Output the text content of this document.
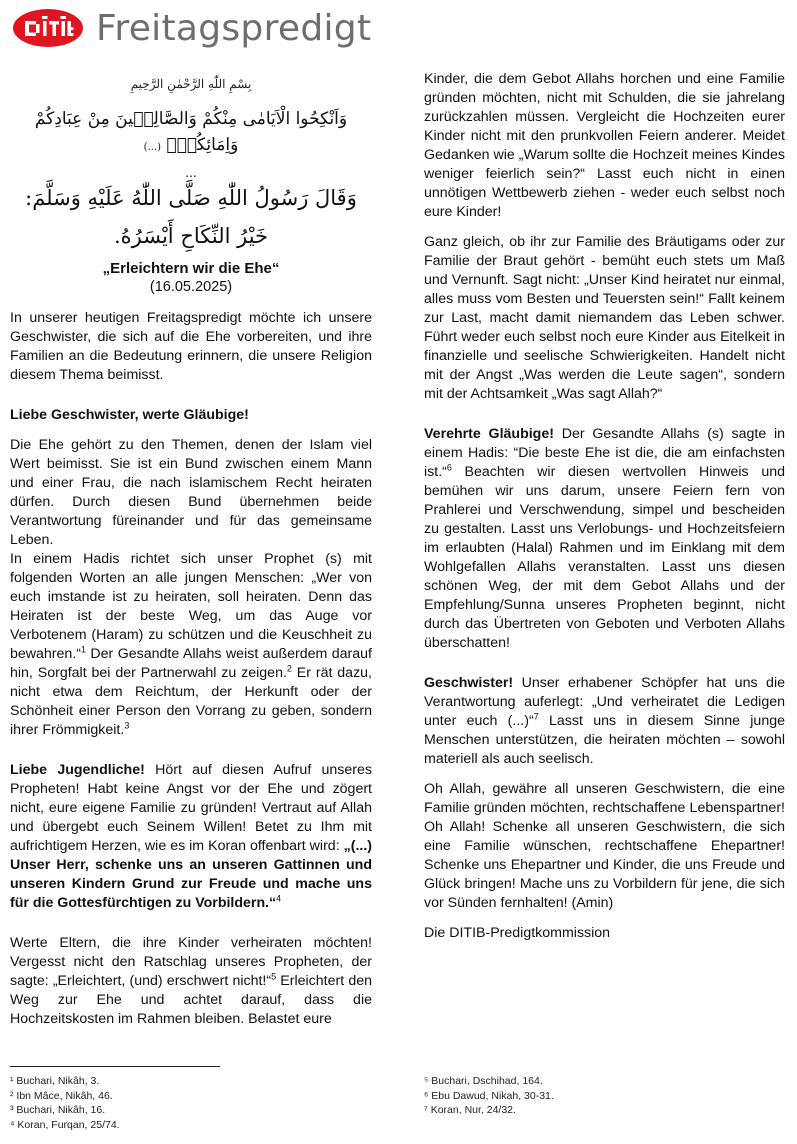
Freitagspredigt
بِسْمِ اللّٰهِ الرَّحْمٰنِ الرَّحِيمِ
وَاَنْكِحُوا الْاَيَامٰى مِنْكُمْ وَالصَّالِح۪ينَ مِنْ عِبَادِكُمْ وَاِمَائِكُمْۜ (...)
...
وَقَالَ رَسُولُ اللّٰهِ صَلَّى اللّٰهُ عَلَيْهِ وَسَلَّمَ:
خَيْرُ النِّكَاحِ أَيْسَرُهُ.
„Erleichtern wir die Ehe“
(16.05.2025)

In unserer heutigen Freitagspredigt möchte ich unsere Geschwister, die sich auf die Ehe vorbereiten, und ihre Familien an die Bedeutung erinnern, die unsere Religion diesem Thema beimisst.

Liebe Geschwister, werte Gläubige!

Die Ehe gehört zu den Themen, denen der Islam viel Wert beimisst. Sie ist ein Bund zwischen einem Mann und einer Frau, die nach islamischem Recht heiraten dürfen. Durch diesen Bund übernehmen beide Verantwortung füreinander und für das gemeinsame Leben.

In einem Hadis richtet sich unser Prophet (s) mit folgenden Worten an alle jungen Menschen: „Wer von euch imstande ist zu heiraten, soll heiraten. Denn das Heiraten ist der beste Weg, um das Auge vor Verbotenem (Haram) zu schützen und die Keuschheit zu bewahren.“$^1$ Der Gesandte Allahs weist außerdem darauf hin, Sorgfalt bei der Partnerwahl zu zeigen.$^2$ Er rät dazu, nicht etwa dem Reichtum, der Herkunft oder der Schönheit einer Person den Vorrang zu geben, sondern ihrer Frömmigkeit.$^3$

Liebe Jugendliche! Hört auf diesen Aufruf unseres Propheten! Habt keine Angst vor der Ehe und zögert nicht, eure eigene Familie zu gründen! Vertraut auf Allah und übergebt euch Seinem Willen! Betet zu Ihm mit aufrichtigem Herzen, wie es im Koran offenbart wird: „(...) Unser Herr, schenke uns an unseren Gattinnen und unseren Kindern Grund zur Freude und mache uns für die Gottesfürchtigen zu Vorbildern.“$^4$

Werte Eltern, die ihre Kinder verheiraten möchten! Vergesst nicht den Ratschlag unseres Propheten, der sagte: „Erleichtert, (und) erschwert nicht!“$^5$ Erleichtert den Weg zur Ehe und achtet darauf, dass die Hochzeitskosten im Rahmen bleiben. Belastet eure

Kinder, die dem Gebot Allahs horchen und eine Familie gründen möchten, nicht mit Schulden, die sie jahrelang zurückzahlen müssen. Vergleicht die Hochzeiten eurer Kinder nicht mit den prunkvollen Feiern anderer. Meidet Gedanken wie „Warum sollte die Hochzeit meines Kindes weniger feierlich sein?“ Lasst euch nicht in einen unnötigen Wettbewerb ziehen - weder euch selbst noch eure Kinder!

Ganz gleich, ob ihr zur Familie des Bräutigams oder zur Familie der Braut gehört - bemüht euch stets um Maß und Vernunft. Sagt nicht: „Unser Kind heiratet nur einmal, alles muss vom Besten und Teuersten sein!“ Fallt keinem zur Last, macht damit niemandem das Leben schwer. Führt weder euch selbst noch eure Kinder aus Eitelkeit in finanzielle und seelische Schwierigkeiten. Handelt nicht mit der Angst „Was werden die Leute sagen“, sondern mit der Achtsamkeit „Was sagt Allah?“

Verehrte Gläubige! Der Gesandte Allahs (s) sagte in einem Hadis: “Die beste Ehe ist die, die am einfachsten ist.“$^6$ Beachten wir diesen wertvollen Hinweis und bemühen wir uns darum, unsere Feiern fern von Prahlerei und Verschwendung, simpel und bescheiden zu gestalten. Lasst uns Verlobungs- und Hochzeitsfeiern im erlaubten (Halal) Rahmen und im Einklang mit dem Wohlgefallen Allahs veranstalten. Lasst uns diesen schönen Weg, der mit dem Gebot Allahs und der Empfehlung/Sunna unseres Propheten beginnt, nicht durch das Übertreten von Geboten und Verboten Allahs überschatten!

Geschwister! Unser erhabener Schöpfer hat uns die Verantwortung auferlegt: „Und verheiratet die Ledigen unter euch (...)“$^7$ Lasst uns in diesem Sinne junge Menschen unterstützen, die heiraten möchten – sowohl materiell als auch seelisch.

Oh Allah, gewähre all unseren Geschwistern, die eine Familie gründen möchten, rechtschaffene Lebenspartner! Oh Allah! Schenke all unseren Geschwistern, die sich eine Familie wünschen, rechtschaffene Ehepartner! Schenke uns Ehepartner und Kinder, die uns Freude und Glück bringen! Mache uns zu Vorbildern für jene, die sich vor Sünden fernhalten! (Amin)

Die DITIB-Predigtkommission

¹ Buchari, Nikâh, 3.
² Ibn Mâce, Nikâh, 46.
³ Buchari, Nikâh, 16.
⁴ Koran, Furqan, 25/74.
⁵ Buchari, Dschihad, 164.
⁶ Ebu Dawud, Nikah, 30-31.
⁷ Koran, Nur, 24/32.
